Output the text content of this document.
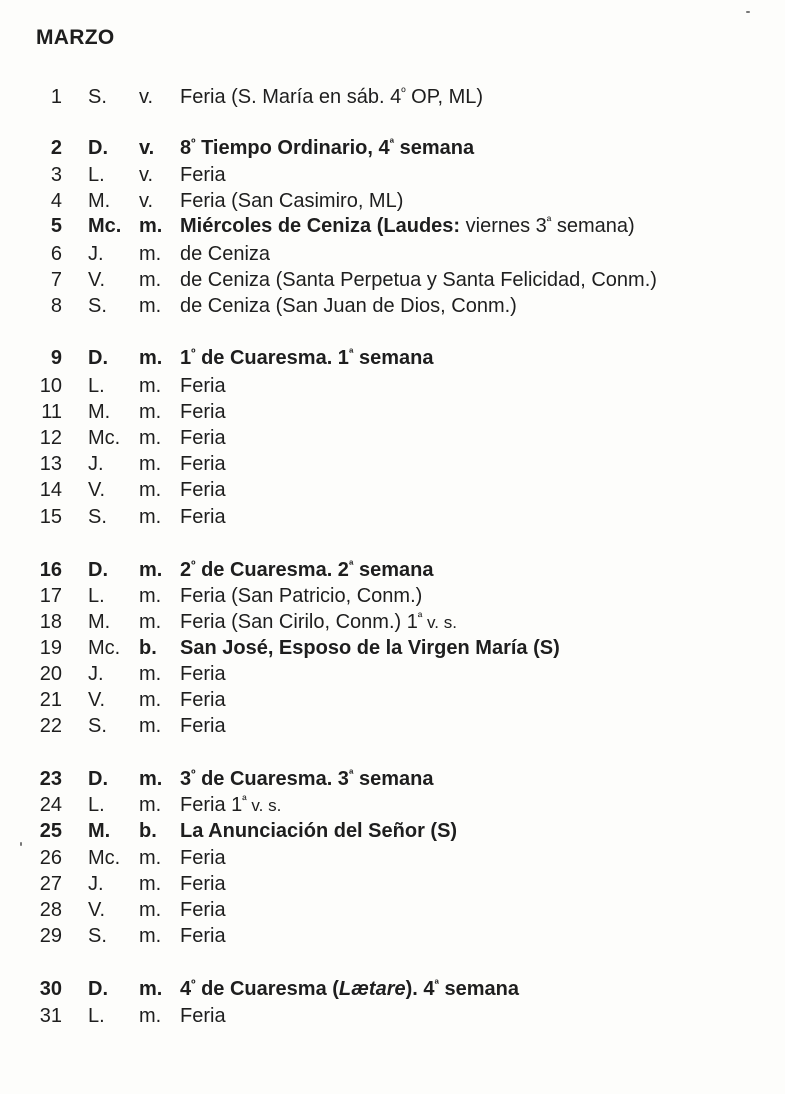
MARZO
1 S. v. Feria (S. María en sáb. $4^º$ OP, ML)
2 D. v. $8^º$ Tiempo Ordinario, $4^ª$ semana
3 L. v. Feria
4 M. v. Feria (San Casimiro, ML)
5 Mc. m. Miércoles de Ceniza (Laudes: viernes $3^ª$ semana)
6 J. m. de Ceniza
7 V. m. de Ceniza (Santa Perpetua y Santa Felicidad, Conm.)
8 S. m. de Ceniza (San Juan de Dios, Conm.)
9 D. m. $1^º$ de Cuaresma. $1^ª$ semana
10 L. m. Feria
11 M. m. Feria
12 Mc. m. Feria
13 J. m. Feria
14 V. m. Feria
15 S. m. Feria
16 D. m. $2^º$ de Cuaresma. $2^ª$ semana
17 L. m. Feria (San Patricio, Conm.)
18 M. m. Feria (San Cirilo, Conm.) $1^ª$ v. s.
19 Mc. b. San José, Esposo de la Virgen María (S)
20 J. m. Feria
21 V. m. Feria
22 S. m. Feria
23 D. m. $3^º$ de Cuaresma. $3^ª$ semana
24 L. m. Feria $1^ª$ v. s.
25 M. b. La Anunciación del Señor (S)
26 Mc. m. Feria
27 J. m. Feria
28 V. m. Feria
29 S. m. Feria
30 D. m. $4^º$ de Cuaresma (Lætare). $4^ª$ semana
31 L. m. Feria
